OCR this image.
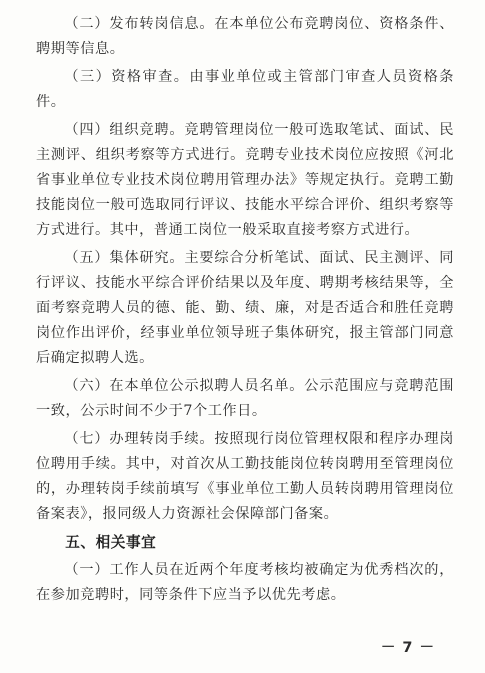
（二）发布转岗信息。在本单位公布竞聘岗位、资格条件、聘期等信息。

（三）资格审查。由事业单位或主管部门审查人员资格条件。

（四）组织竞聘。竞聘管理岗位一般可选取笔试、面试、民主测评、组织考察等方式进行。竞聘专业技术岗位应按照《河北省事业单位专业技术岗位聘用管理办法》等规定执行。竞聘工勤技能岗位一般可选取同行评议、技能水平综合评价、组织考察等方式进行。其中，普通工岗位一般采取直接考察方式进行。

（五）集体研究。主要综合分析笔试、面试、民主测评、同行评议、技能水平综合评价结果以及年度、聘期考核结果等，全面考察竞聘人员的德、能、勤、绩、廉，对是否适合和胜任竞聘岗位作出评价，经事业单位领导班子集体研究，报主管部门同意后确定拟聘人选。

（六）在本单位公示拟聘人员名单。公示范围应与竞聘范围一致，公示时间不少于7个工作日。

（七）办理转岗手续。按照现行岗位管理权限和程序办理岗位聘用手续。其中，对首次从工勤技能岗位转岗聘用至管理岗位的，办理转岗手续前填写《事业单位工勤人员转岗聘用管理岗位备案表》，报同级人力资源社会保障部门备案。

五、相关事宜

（一）工作人员在近两个年度考核均被确定为优秀档次的，在参加竞聘时，同等条件下应当予以优先考虑。

－ 7 －
